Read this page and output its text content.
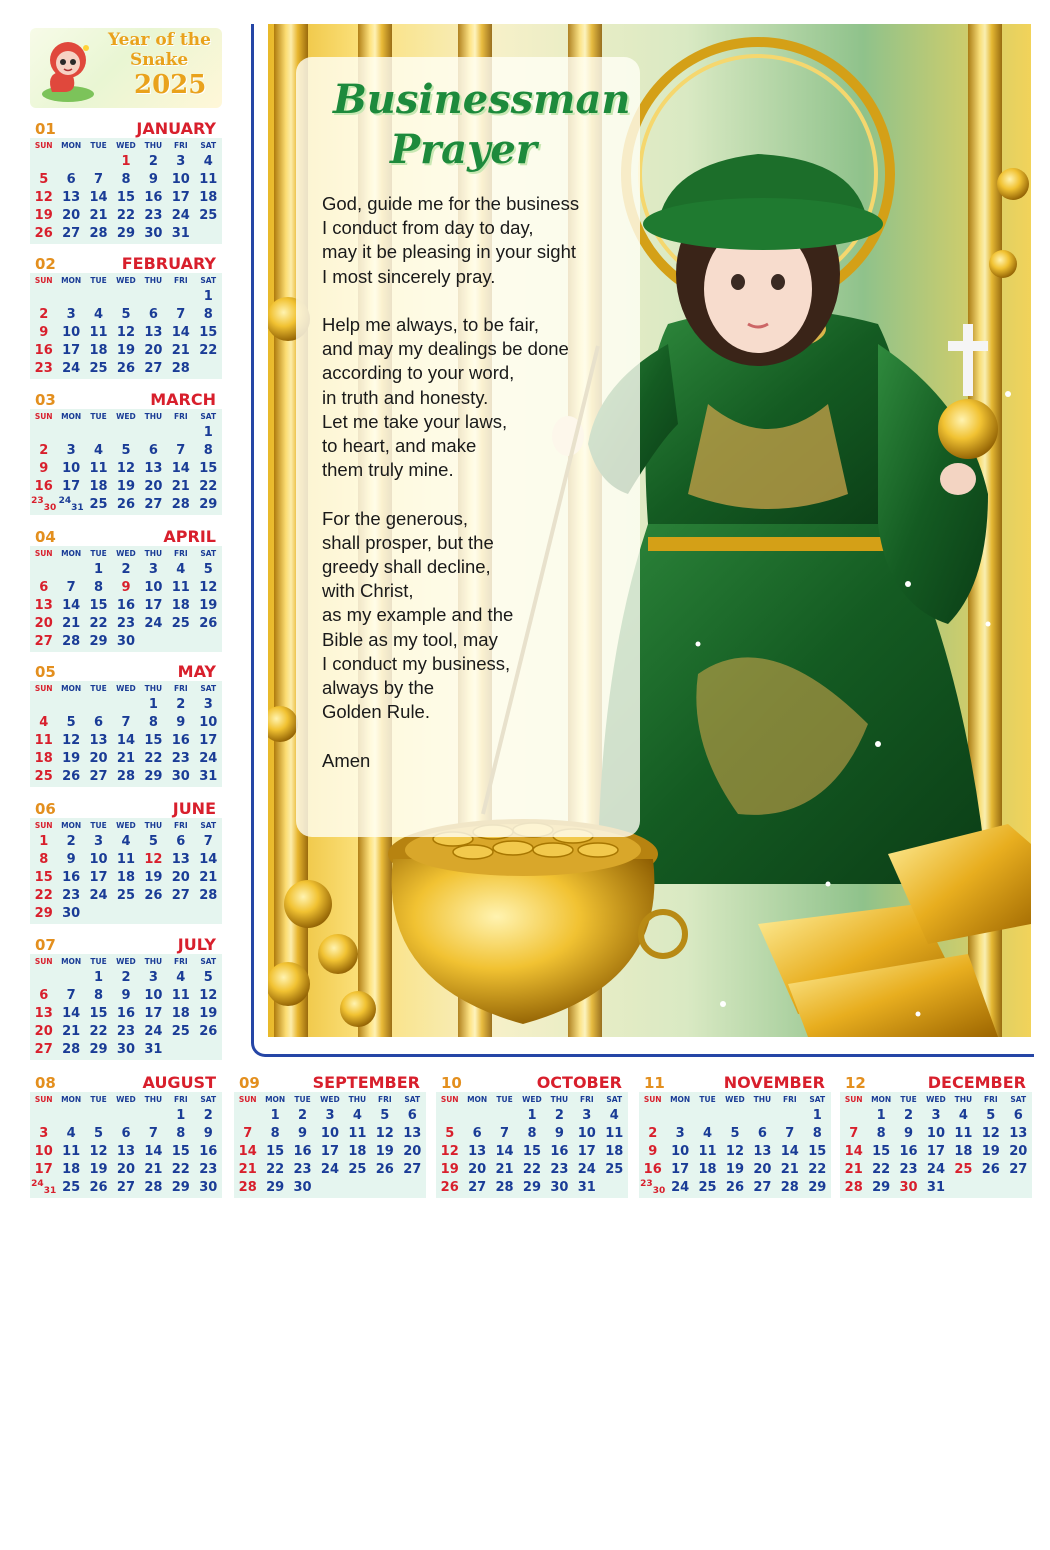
Year of the
Snake
2025	Businessman
Prayer
God, guide me for the business
I conduct from day to day,
may it be pleasing in your sight
I most sincerely pray.
Help me always, to be fair,
and may my dealings be done
according to your word,
in truth and honesty.
Let me take your laws,
to heart, and make
them truly mine.
For the generous,
shall prosper, but the
greedy shall decline,
with Christ,
as my example and the
Bible as my tool, may
I conduct my business,
always by the
Golden Rule.
Amen
01	JANUARY
SUN	MON	TUE	WED	THU	FRI	SAT
			1	2	3	4
5	6	7	8	9	10	11
12	13	14	15	16	17	18
19	20	21	22	23	24	25
26	27	28	29	30	31	
02	FEBRUARY
SUN	MON	TUE	WED	THU	FRI	SAT
						1
2	3	4	5	6	7	8
9	10	11	12	13	14	15
16	17	18	19	20	21	22
23	24	25	26	27	28	
03	MARCH
SUN	MON	TUE	WED	THU	FRI	SAT
						1
2	3	4	5	6	7	8
9	10	11	12	13	14	15
16	17	18	19	20	21	22
$^{23}_{30}$	$^{24}_{31}$	25	26	27	28	29
04	APRIL
SUN	MON	TUE	WED	THU	FRI	SAT
		1	2	3	4	5
6	7	8	9	10	11	12
13	14	15	16	17	18	19
20	21	22	23	24	25	26
27	28	29	30			
05	MAY
SUN	MON	TUE	WED	THU	FRI	SAT
				1	2	3
4	5	6	7	8	9	10
11	12	13	14	15	16	17
18	19	20	21	22	23	24
25	26	27	28	29	30	31
06	JUNE
SUN	MON	TUE	WED	THU	FRI	SAT
1	2	3	4	5	6	7
8	9	10	11	12	13	14
15	16	17	18	19	20	21
22	23	24	25	26	27	28
29	30					
07	JULY
SUN	MON	TUE	WED	THU	FRI	SAT
		1	2	3	4	5
6	7	8	9	10	11	12
13	14	15	16	17	18	19
20	21	22	23	24	25	26
27	28	29	30	31		
08	AUGUST
SUN	MON	TUE	WED	THU	FRI	SAT
					1	2
3	4	5	6	7	8	9
10	11	12	13	14	15	16
17	18	19	20	21	22	23
$^{24}_{31}$	25	26	27	28	29	30
09	SEPTEMBER
SUN	MON	TUE	WED	THU	FRI	SAT
	1	2	3	4	5	6
7	8	9	10	11	12	13
14	15	16	17	18	19	20
21	22	23	24	25	26	27
28	29	30				
10	OCTOBER
SUN	MON	TUE	WED	THU	FRI	SAT
			1	2	3	4
5	6	7	8	9	10	11
12	13	14	15	16	17	18
19	20	21	22	23	24	25
26	27	28	29	30	31	
11	NOVEMBER
SUN	MON	TUE	WED	THU	FRI	SAT
						1
2	3	4	5	6	7	8
9	10	11	12	13	14	15
16	17	18	19	20	21	22
$^{23}_{30}$	24	25	26	27	28	29
12	DECEMBER
SUN	MON	TUE	WED	THU	FRI	SAT
	1	2	3	4	5	6
7	8	9	10	11	12	13
14	15	16	17	18	19	20
21	22	23	24	25	26	27
28	29	30	31			
